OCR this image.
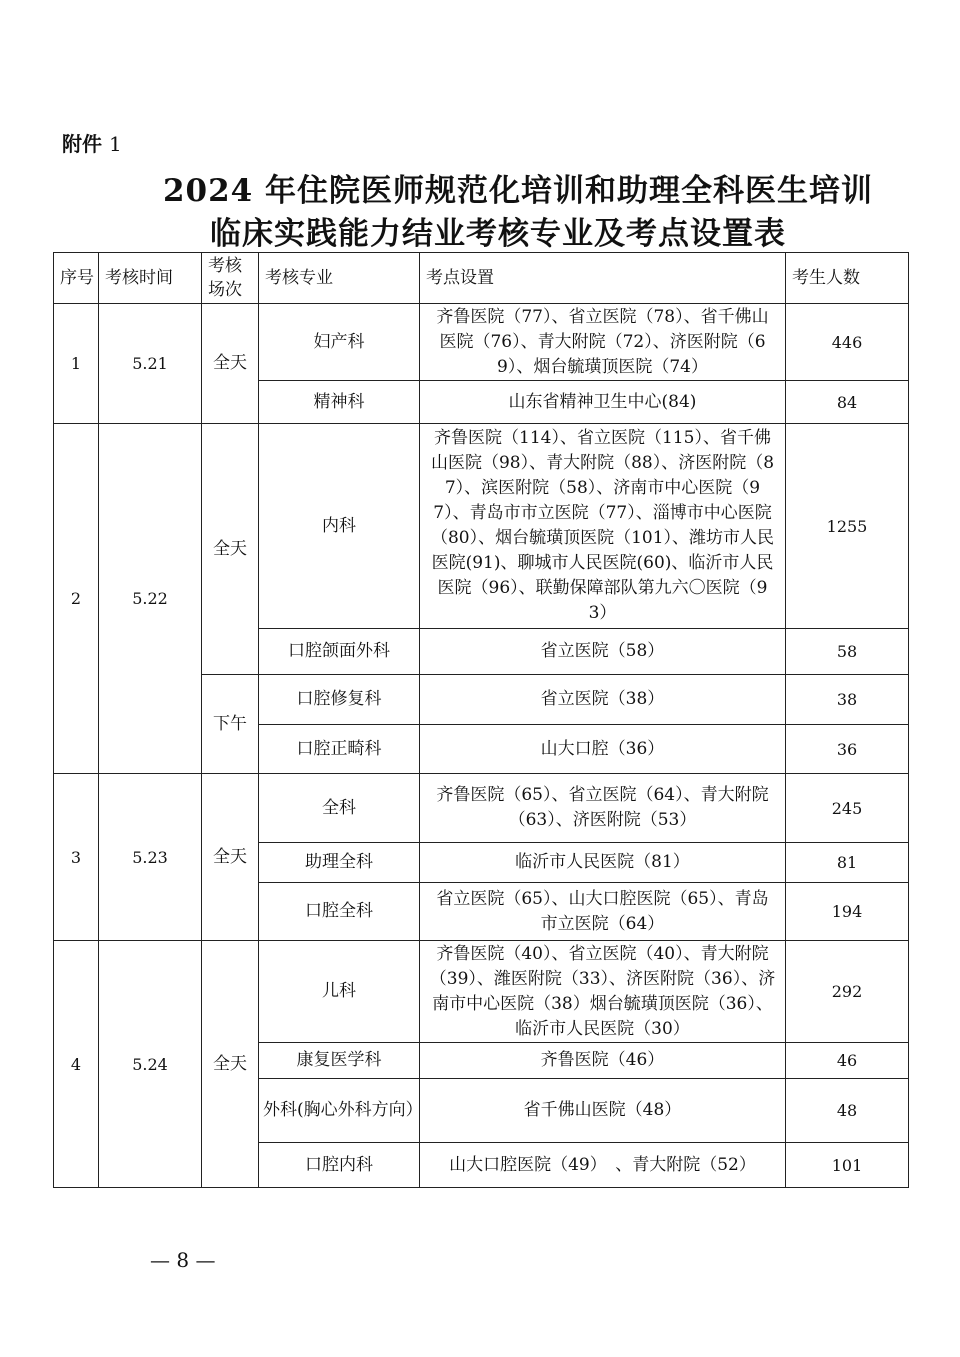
附件 1
2024 年住院医师规范化培训和助理全科医生培训
临床实践能力结业考核专业及考点设置表
序号	考核时间	考核场次	考核专业	考点设置	考生人数
1	5.21	全天	妇产科	齐鲁医院（77）、省立医院（78）、省千佛山医院（76）、青大附院（72）、济医附院（69）、烟台毓璜顶医院（74）	446
			精神科	山东省精神卫生中心(84)	84
2	5.22	全天	内科	齐鲁医院（114）、省立医院（115）、省千佛山医院（98）、青大附院（88）、济医附院（87）、滨医附院（58）、济南市中心医院（97）、青岛市市立医院（77）、淄博市中心医院（80）、烟台毓璜顶医院（101）、潍坊市人民医院(91)、聊城市人民医院(60)、临沂市人民医院（96）、联勤保障部队第九六〇医院（93）	1255
			口腔颌面外科	省立医院（58）	58
		下午	口腔修复科	省立医院（38）	38
			口腔正畸科	山大口腔（36）	36
3	5.23	全天	全科	齐鲁医院（65）、省立医院（64）、青大附院（63）、济医附院（53）	245
			助理全科	临沂市人民医院（81）	81
			口腔全科	省立医院（65）、山大口腔医院（65）、青岛市立医院（64）	194
4	5.24	全天	儿科	齐鲁医院（40）、省立医院（40）、青大附院（39）、潍医附院（33）、济医附院（36）、济南市中心医院（38）烟台毓璜顶医院（36）、临沂市人民医院（30）	292
			康复医学科	齐鲁医院（46）	46
			外科(胸心外科方向）	省千佛山医院（48）	48
			口腔内科	山大口腔医院（49）　、青大附院（52）	101
— 8 —
